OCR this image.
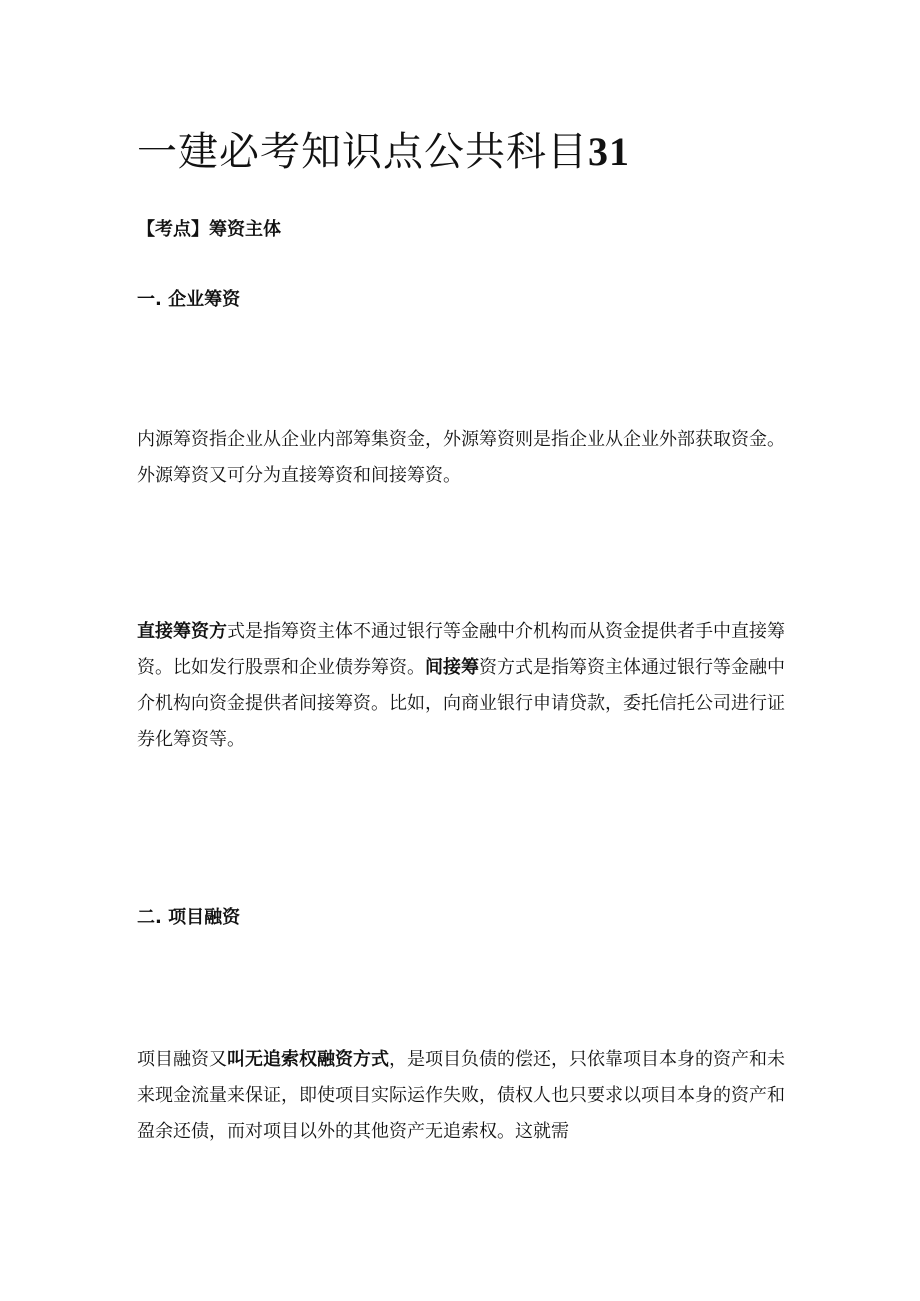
一建必考知识点公共科目31
【考点】筹资主体
一. 企业筹资
内源筹资指企业从企业内部筹集资金，外源筹资则是指企业从企业外部获取资金。外源筹资又可分为直接筹资和间接筹资。
直接筹资方式是指筹资主体不通过银行等金融中介机构而从资金提供者手中直接筹资。比如发行股票和企业债券筹资。间接筹资方式是指筹资主体通过银行等金融中介机构向资金提供者间接筹资。比如，向商业银行申请贷款，委托信托公司进行证券化筹资等。
二. 项目融资
项目融资又叫无追索权融资方式，是项目负债的偿还，只依靠项目本身的资产和未来现金流量来保证，即使项目实际运作失败，债权人也只要求以项目本身的资产和盈余还债，而对项目以外的其他资产无追索权。这就需
